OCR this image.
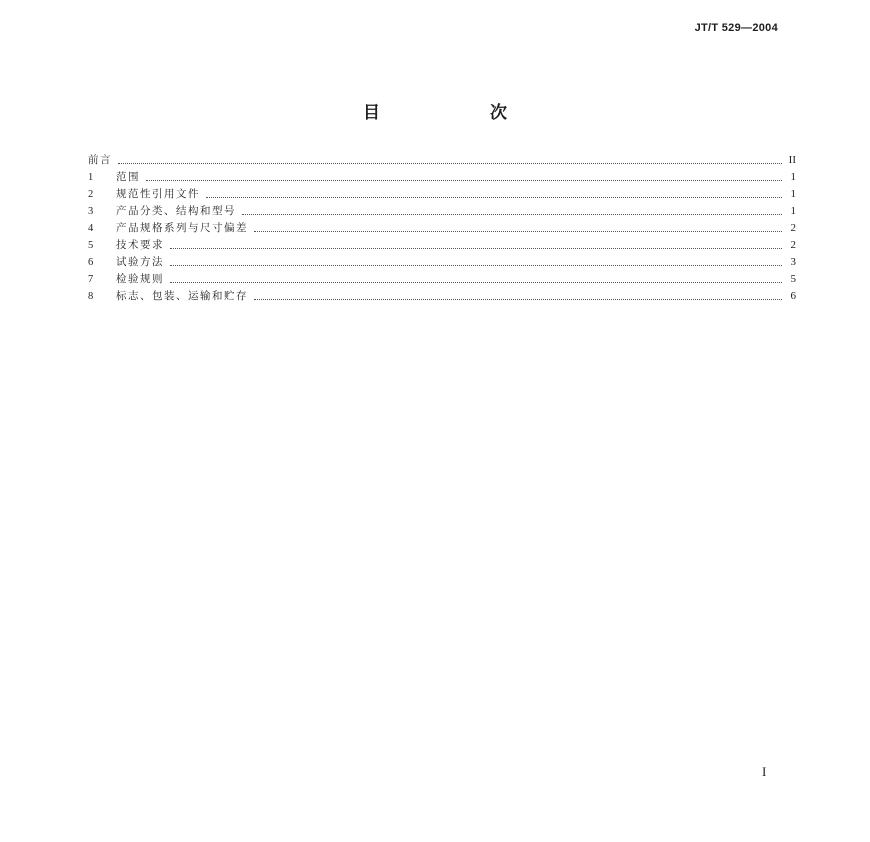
JT/T 529—2004
目 次
前言	II
1	范围	1
2	规范性引用文件	1
3	产品分类、结构和型号	1
4	产品规格系列与尺寸偏差	2
5	技术要求	2
6	试验方法	3
7	检验规则	5
8	标志、包装、运输和贮存	6
I
